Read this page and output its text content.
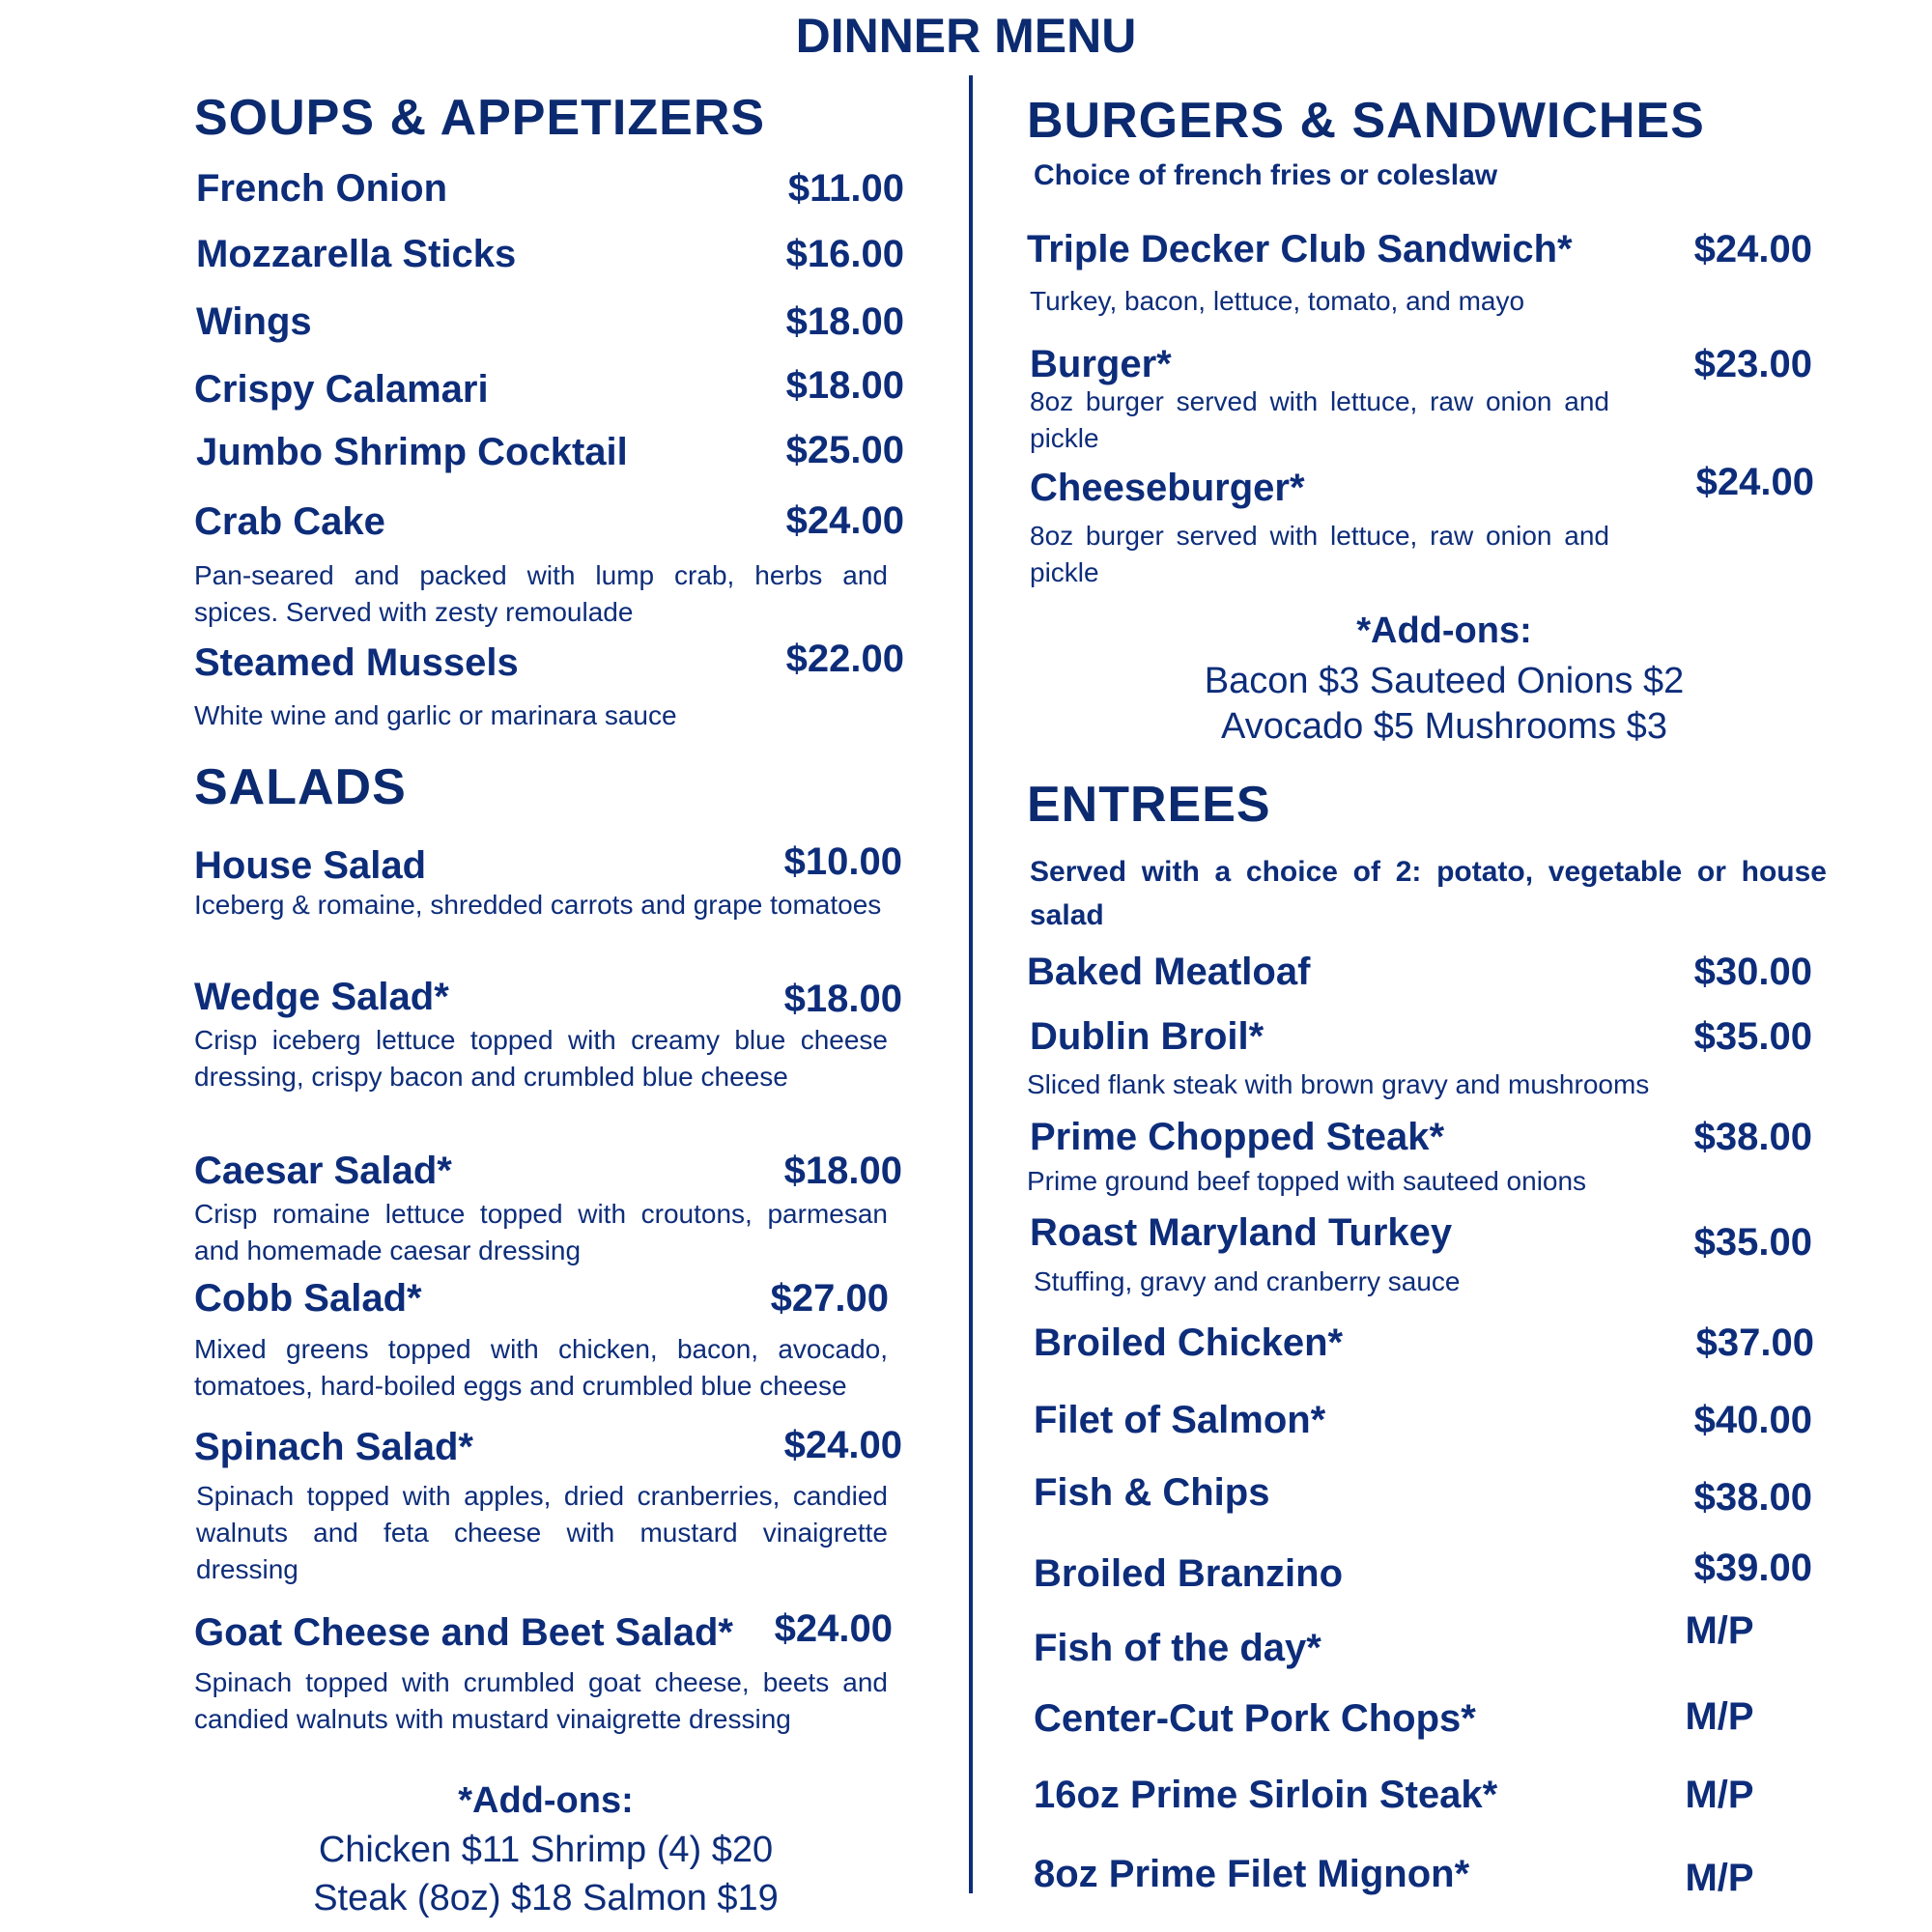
DINNER MENU
SOUPS & APPETIZERS
French Onion	$11.00
Mozzarella Sticks	$16.00
Wings	$18.00
Crispy Calamari	$18.00
Jumbo Shrimp Cocktail	$25.00
Crab Cake	$24.00
Pan-seared and packed with lump crab, herbs and spices. Served with zesty remoulade
Steamed Mussels	$22.00
White wine and garlic or marinara sauce
SALADS
House Salad	$10.00
Iceberg & romaine, shredded carrots and grape tomatoes
Wedge Salad*	$18.00
Crisp iceberg lettuce topped with creamy blue cheese dressing, crispy bacon and crumbled blue cheese
Caesar Salad*	$18.00
Crisp romaine lettuce topped with croutons, parmesan and homemade caesar dressing
Cobb Salad*	$27.00
Mixed greens topped with chicken, bacon, avocado, tomatoes, hard-boiled eggs and crumbled blue cheese
Spinach Salad*	$24.00
Spinach topped with apples, dried cranberries, candied walnuts and feta cheese with mustard vinaigrette dressing
Goat Cheese and Beet Salad*	$24.00
Spinach topped with crumbled goat cheese, beets and candied walnuts with mustard vinaigrette dressing
*Add-ons:
Chicken $11 Shrimp (4) $20
Steak (8oz) $18 Salmon $19
BURGERS & SANDWICHES
Choice of french fries or coleslaw
Triple Decker Club Sandwich*	$24.00
Turkey, bacon, lettuce, tomato, and mayo
Burger*	$23.00
8oz burger served with lettuce, raw onion and pickle
Cheeseburger*	$24.00
8oz burger served with lettuce, raw onion and pickle
*Add-ons:
Bacon $3 Sauteed Onions $2
Avocado $5 Mushrooms $3
ENTREES
Served with a choice of 2: potato, vegetable or house salad
Baked Meatloaf	$30.00
Dublin Broil*	$35.00
Sliced flank steak with brown gravy and mushrooms
Prime Chopped Steak*	$38.00
Prime ground beef topped with sauteed onions
Roast Maryland Turkey	$35.00
Stuffing, gravy and cranberry sauce
Broiled Chicken*	$37.00
Filet of Salmon*	$40.00
Fish & Chips	$38.00
Broiled Branzino	$39.00
Fish of the day*	M/P
Center-Cut Pork Chops*	M/P
16oz Prime Sirloin Steak*	M/P
8oz Prime Filet Mignon*	M/P
